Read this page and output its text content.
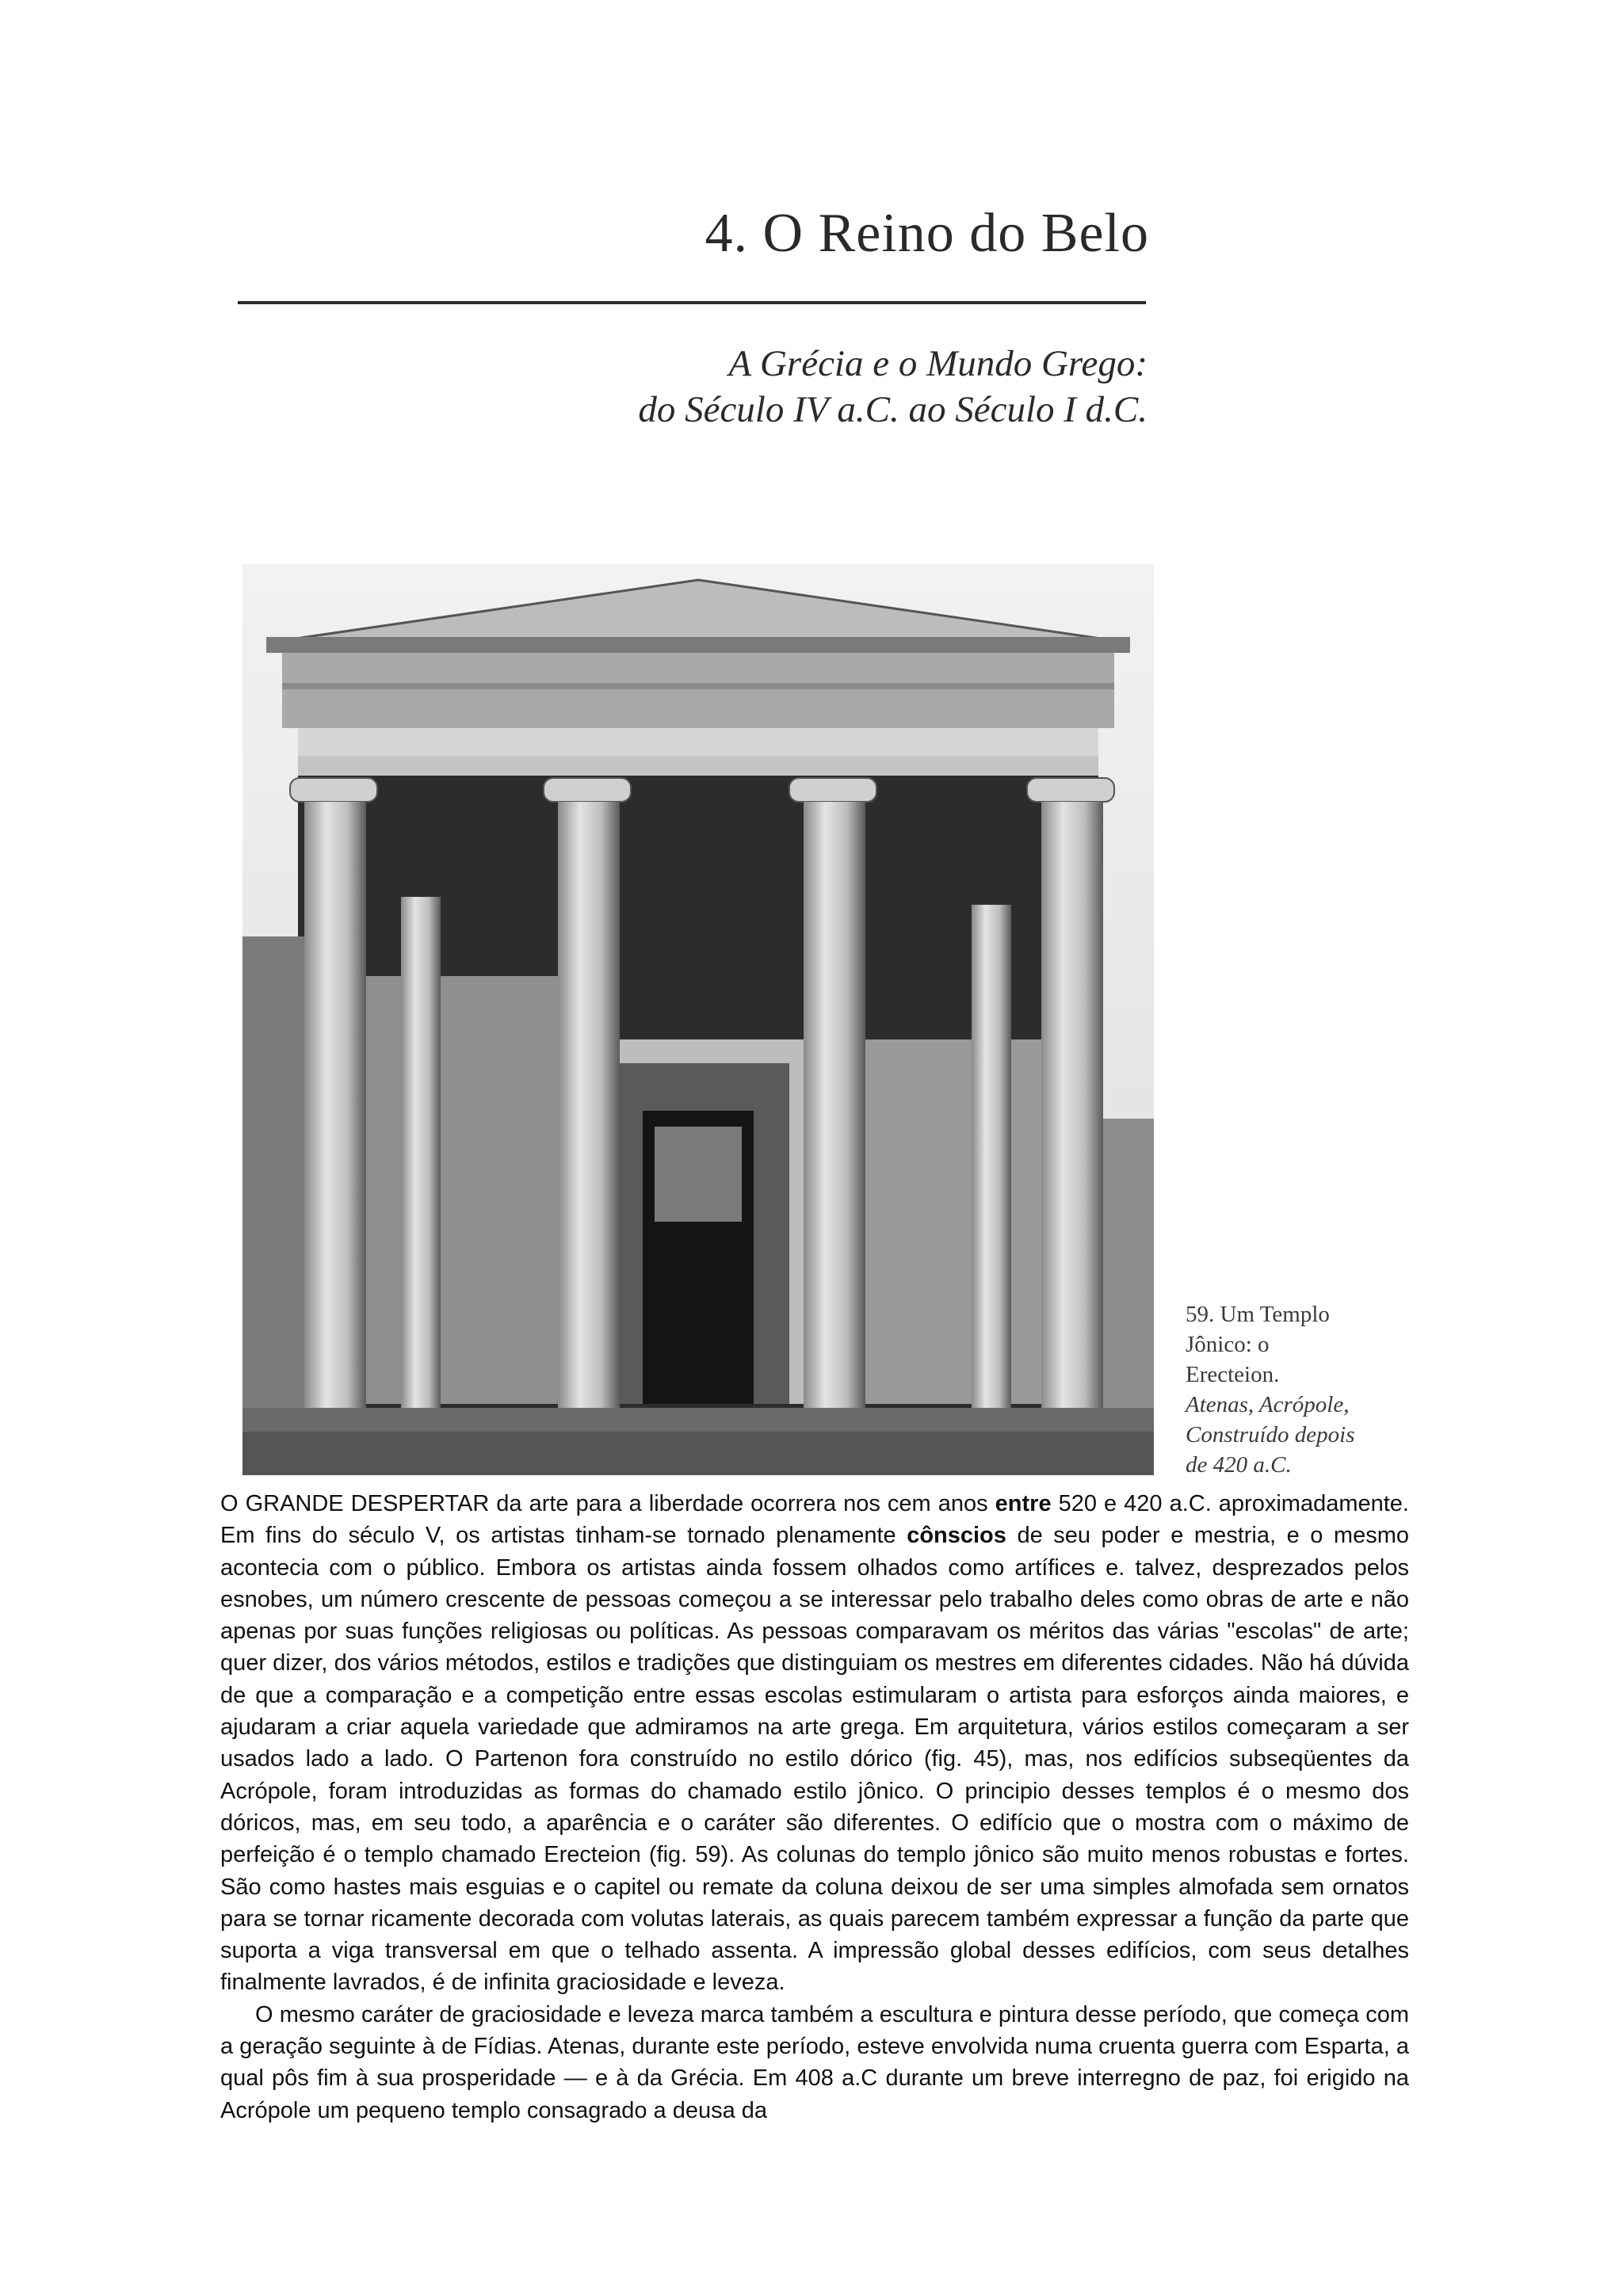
4. O Reino do Belo
A Grécia e o Mundo Grego:
do Século IV a.C. ao Século I d.C.
59. Um Templo
Jônico: o
Erecteion.
Atenas, Acrópole,
Construído depois
de 420 a.C.

O GRANDE DESPERTAR da arte para a liberdade ocorrera nos cem anos entre 520 e 420 a.C. aproximadamente. Em fins do século V, os artistas tinham-se tornado plenamente cônscios de seu poder e mestria, e o mesmo acontecia com o público. Embora os artistas ainda fossem olhados como artífices e. talvez, desprezados pelos esnobes, um número crescente de pessoas começou a se interessar pelo trabalho deles como obras de arte e não apenas por suas funções religiosas ou políticas. As pessoas comparavam os méritos das várias "escolas" de arte; quer dizer, dos vários métodos, estilos e tradições que distinguiam os mestres em diferentes cidades. Não há dúvida de que a comparação e a competição entre essas escolas estimularam o artista para esforços ainda maiores, e ajudaram a criar aquela variedade que admiramos na arte grega. Em arquitetura, vários estilos começaram a ser usados lado a lado. O Partenon fora construído no estilo dórico (fig. 45), mas, nos edifícios subseqüentes da Acrópole, foram introduzidas as formas do chamado estilo jônico. O principio desses templos é o mesmo dos dóricos, mas, em seu todo, a aparência e o caráter são diferentes. O edifício que o mostra com o máximo de perfeição é o templo chamado Erecteion (fig. 59). As colunas do templo jônico são muito menos robustas e fortes. São como hastes mais esguias e o capitel ou remate da coluna deixou de ser uma simples almofada sem ornatos para se tornar ricamente decorada com volutas laterais, as quais parecem também expressar a função da parte que suporta a viga transversal em que o telhado assenta. A impressão global desses edifícios, com seus detalhes finalmente lavrados, é de infinita graciosidade e leveza.

O mesmo caráter de graciosidade e leveza marca também a escultura e pintura desse período, que começa com a geração seguinte à de Fídias. Atenas, durante este período, esteve envolvida numa cruenta guerra com Esparta, a qual pôs fim à sua prosperidade — e à da Grécia. Em 408 a.C durante um breve interregno de paz, foi erigido na Acrópole um pequeno templo consagrado a deusa da
